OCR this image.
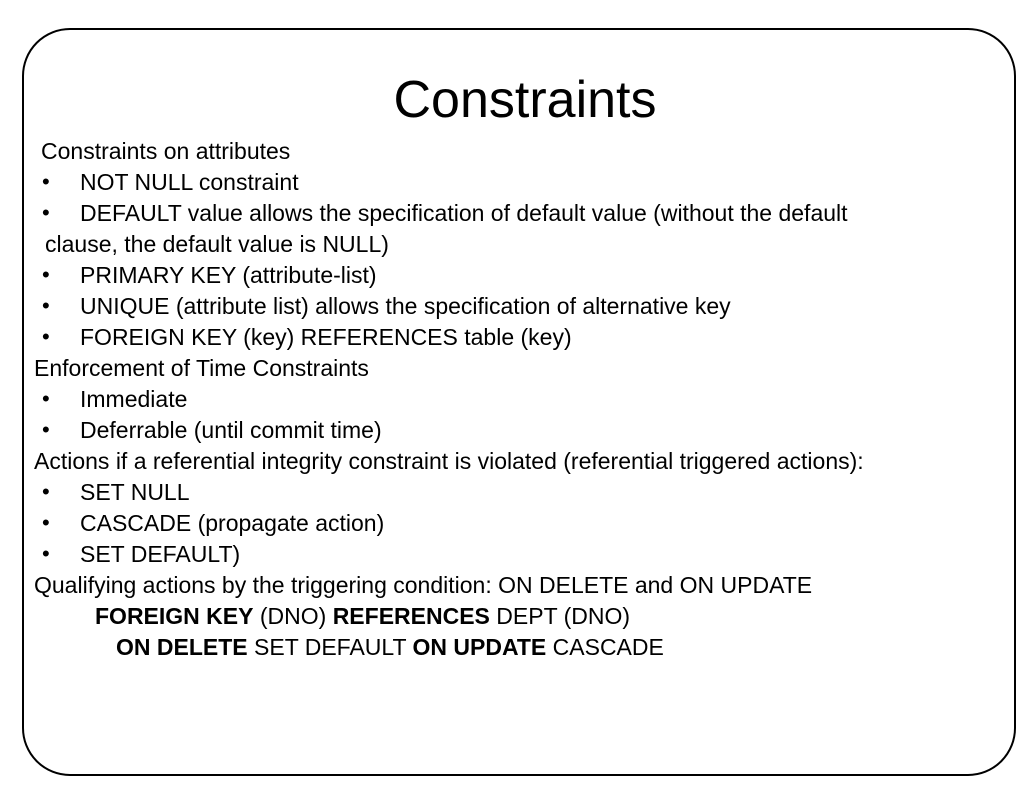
Constraints
Constraints on attributes
• NOT NULL constraint
• DEFAULT value allows the specification of default value (without the default
clause, the default value is NULL)
• PRIMARY KEY (attribute-list)
• UNIQUE (attribute list) allows the specification of alternative key
• FOREIGN KEY (key) REFERENCES table (key)
Enforcement of Time Constraints
• Immediate
• Deferrable (until commit time)
Actions if a referential integrity constraint is violated (referential triggered actions):
• SET NULL
• CASCADE (propagate action)
• SET DEFAULT)
Qualifying actions by the triggering condition: ON DELETE and ON UPDATE
FOREIGN KEY (DNO) REFERENCES DEPT (DNO)
ON DELETE SET DEFAULT ON UPDATE CASCADE
